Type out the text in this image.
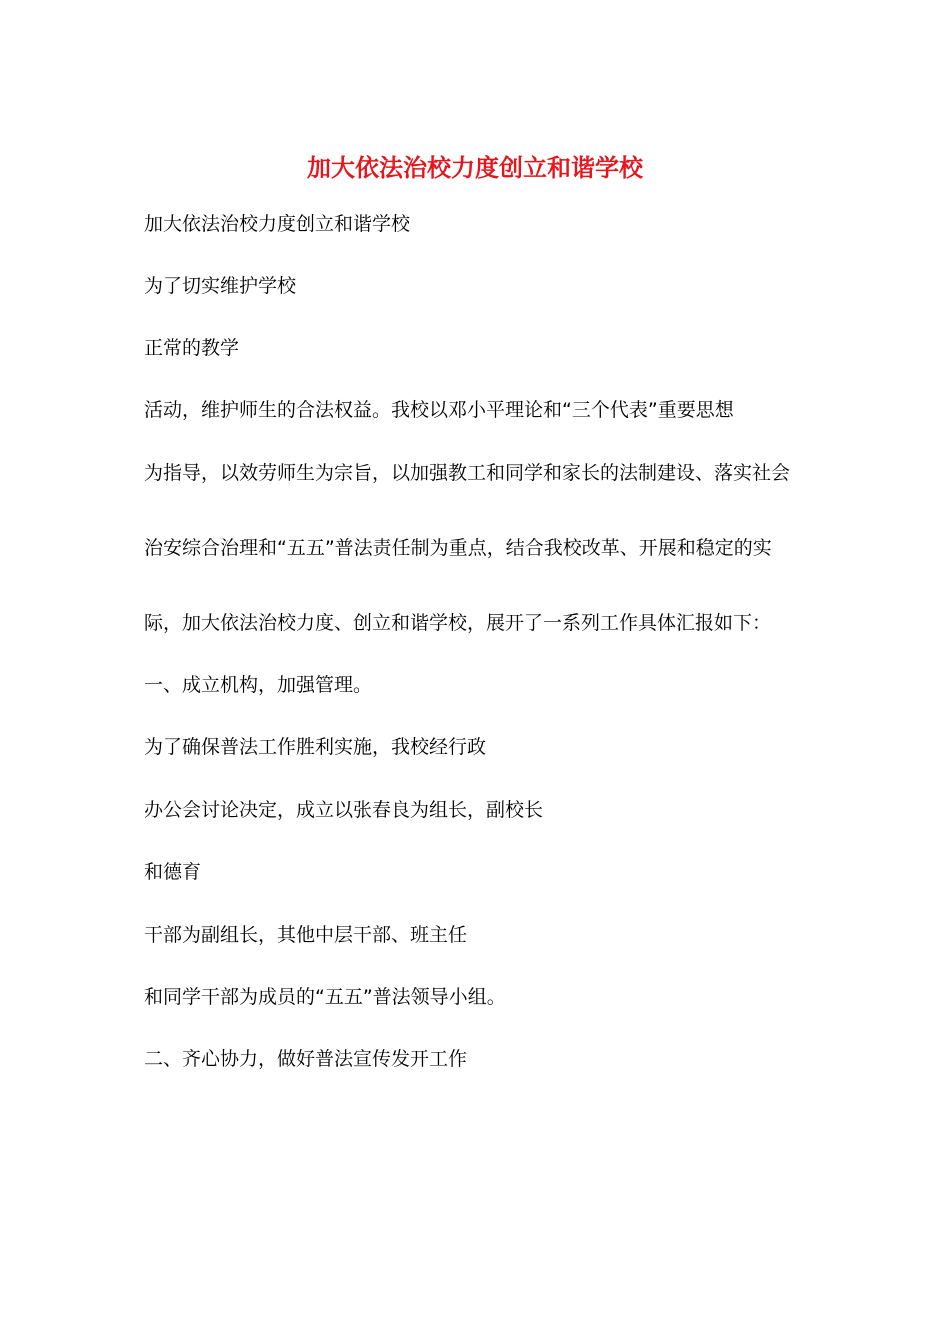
加大依法治校力度创立和谐学校
加大依法治校力度创立和谐学校
为了切实维护学校
正常的教学
活动，维护师生的合法权益。我校以邓小平理论和“三个代表”重要思想
为指导，以效劳师生为宗旨，以加强教工和同学和家长的法制建设、落实社会
治安综合治理和“五五”普法责任制为重点，结合我校改革、开展和稳定的实
际，加大依法治校力度、创立和谐学校，展开了一系列工作具体汇报如下：
一、成立机构，加强管理。
为了确保普法工作胜利实施，我校经行政
办公会讨论决定，成立以张春良为组长，副校长
和德育
干部为副组长，其他中层干部、班主任
和同学干部为成员的“五五”普法领导小组。
二、齐心协力，做好普法宣传发开工作
